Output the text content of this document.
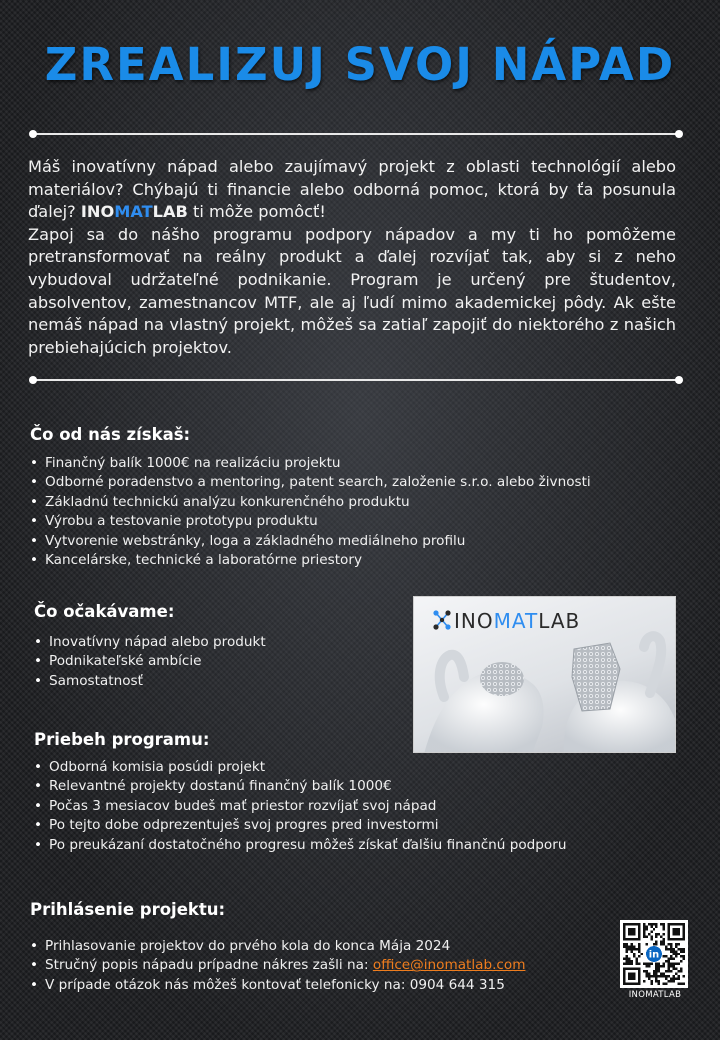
ZREALIZUJ SVOJ NÁPAD

Máš inovatívny nápad alebo zaujímavý projekt z oblasti technológií alebo materiálov? Chýbajú ti financie alebo odborná pomoc, ktorá by ťa posunula ďalej? INOMATLAB ti môže pomôcť!

Zapoj sa do nášho programu podpory nápadov a my ti ho pomôžeme pretransformovať na reálny produkt a ďalej rozvíjať tak, aby si z neho vybudoval udržateľné podnikanie. Program je určený pre študentov, absolventov, zamestnancov MTF, ale aj ľudí mimo akademickej pôdy. Ak ešte nemáš nápad na vlastný projekt, môžeš sa zatiaľ zapojiť do niektorého z našich prebiehajúcich projektov.

Čo od nás získaš:
• Finančný balík 1000€ na realizáciu projektu
• Odborné poradenstvo a mentoring, patent search, založenie s.r.o. alebo živnosti
• Základnú technickú analýzu konkurenčného produktu
• Výrobu a testovanie prototypu produktu
• Vytvorenie webstránky, loga a základného mediálneho profilu
• Kancelárske, technické a laboratórne priestory
Čo očakávame:
• Inovatívny nápad alebo produkt
• Podnikateľské ambície
• Samostatnosť
INOMATLAB
Priebeh programu:
• Odborná komisia posúdi projekt
• Relevantné projekty dostanú finančný balík 1000€
• Počas 3 mesiacov budeš mať priestor rozvíjať svoj nápad
• Po tejto dobe odprezentuješ svoj progres pred investormi
• Po preukázaní dostatočného progresu môžeš získať ďalšiu finančnú podporu
Prihlásenie projektu:
• Prihlasovanie projektov do prvého kola do konca Mája 2024
• Stručný popis nápadu prípadne nákres zašli na: office@inomatlab.com
• V prípade otázok nás môžeš kontovať telefonicky na: 0904 644 315
in
INOMATLAB
